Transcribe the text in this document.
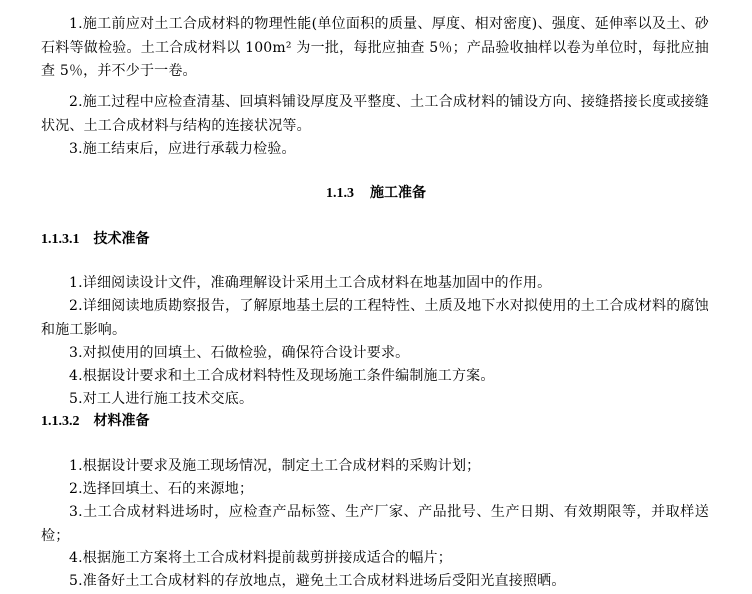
1.施工前应对土工合成材料的物理性能(单位面积的质量、厚度、相对密度)、强度、延伸率以及土、砂石料等做检验。土工合成材料以 100m² 为一批，每批应抽查 5％；产品验收抽样以卷为单位时，每批应抽查 5％，并不少于一卷。

2.施工过程中应检查清基、回填料铺设厚度及平整度、土工合成材料的铺设方向、接缝搭接长度或接缝状况、土工合成材料与结构的连接状况等。

3.施工结束后，应进行承载力检验。

1.1.3 施工准备
1.1.3.1 技术准备

1.详细阅读设计文件，准确理解设计采用土工合成材料在地基加固中的作用。

2.详细阅读地质勘察报告，了解原地基土层的工程特性、土质及地下水对拟使用的土工合成材料的腐蚀和施工影响。

3.对拟使用的回填土、石做检验，确保符合设计要求。

4.根据设计要求和土工合成材料特性及现场施工条件编制施工方案。

5.对工人进行施工技术交底。

1.1.3.2 材料准备

1.根据设计要求及施工现场情况，制定土工合成材料的采购计划；

2.选择回填土、石的来源地；

3.土工合成材料进场时，应检查产品标签、生产厂家、产品批号、生产日期、有效期限等，并取样送检；

4.根据施工方案将土工合成材料提前裁剪拼接成适合的幅片；

5.准备好土工合成材料的存放地点，避免土工合成材料进场后受阳光直接照晒。
